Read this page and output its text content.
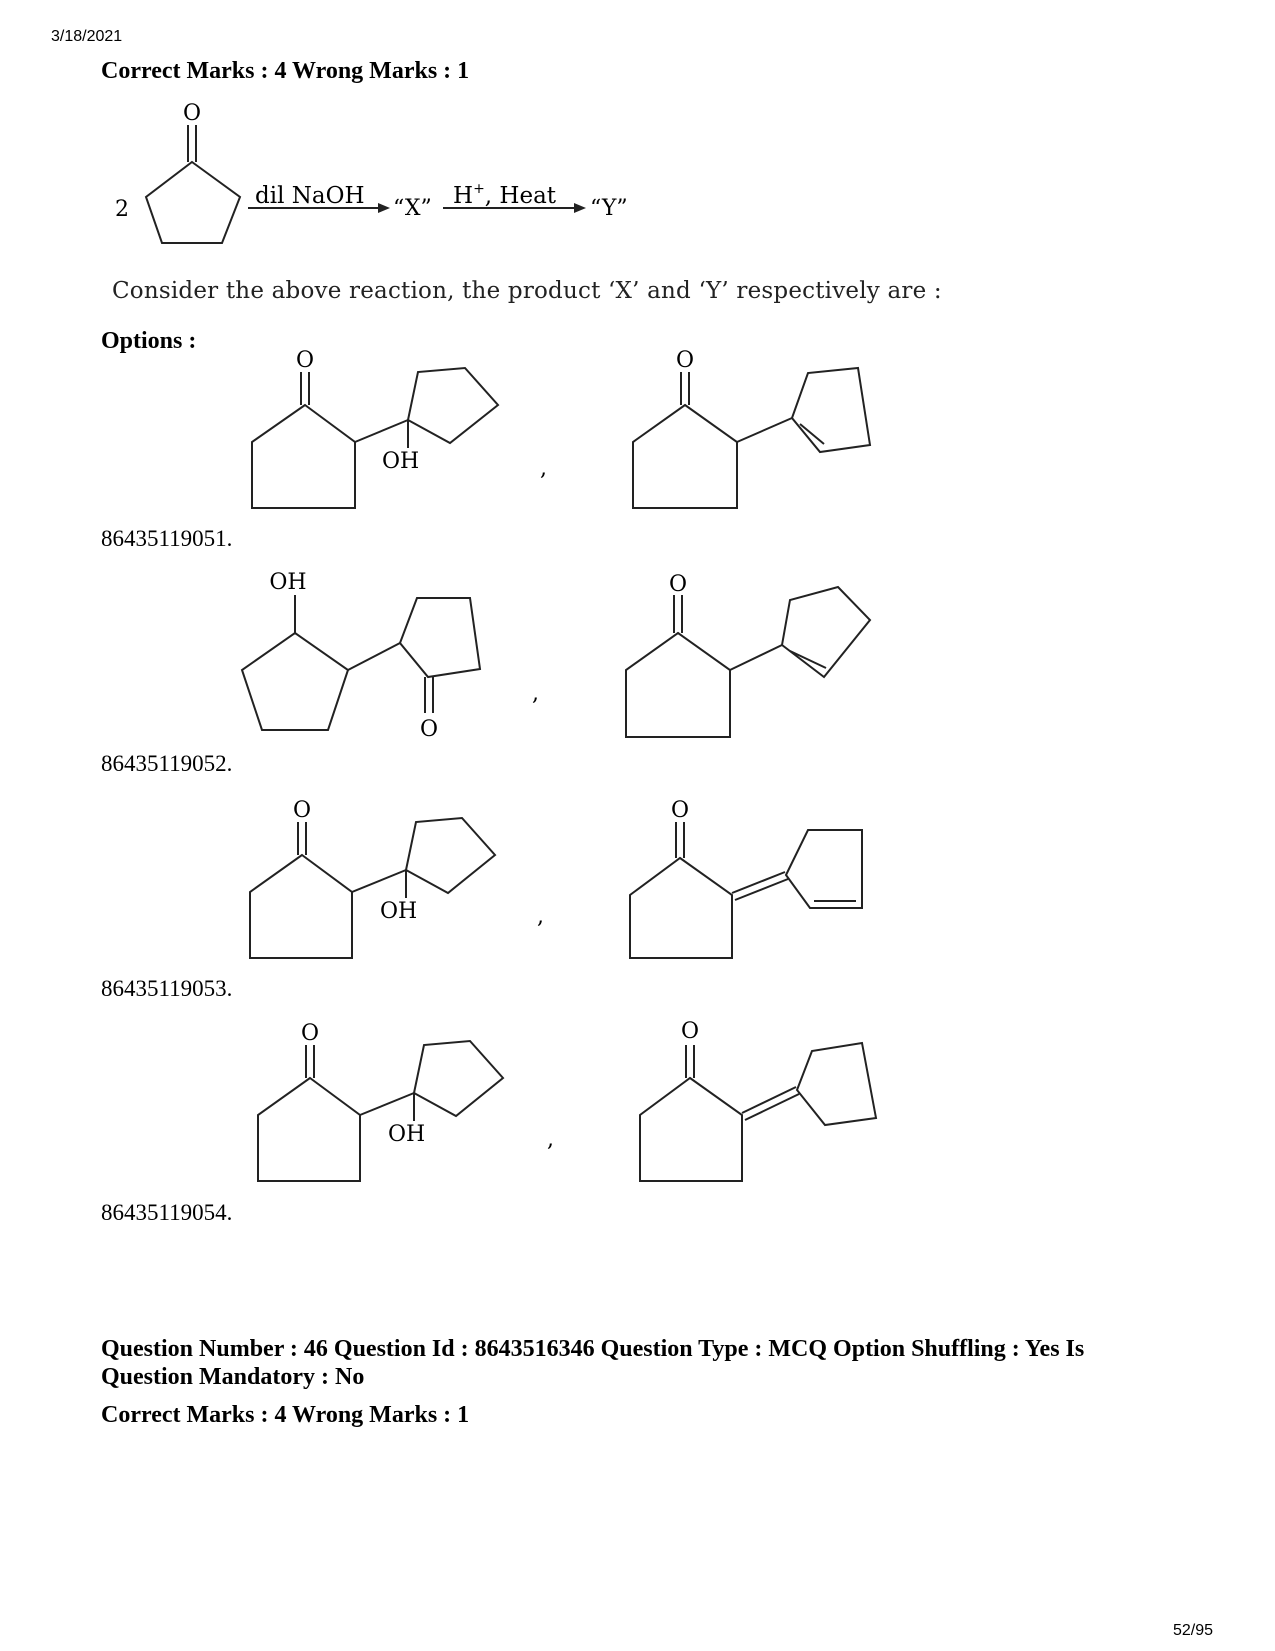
3/18/2021
Correct Marks : 4 Wrong Marks : 1
2
O
dil NaOH “X” H+, Heat “Y”
Consider the above reaction, the product ‘X’ and ‘Y’ respectively are :
Options :
86435119051.
O
OH	,
O
86435119052.
OH
O
,
O
86435119053.
O
OH	,
O
86435119054.
O
OH	,
O
Question Number : 46 Question Id : 8643516346 Question Type : MCQ Option Shuffling : Yes Is Question Mandatory : No
Correct Marks : 4 Wrong Marks : 1
52/95
